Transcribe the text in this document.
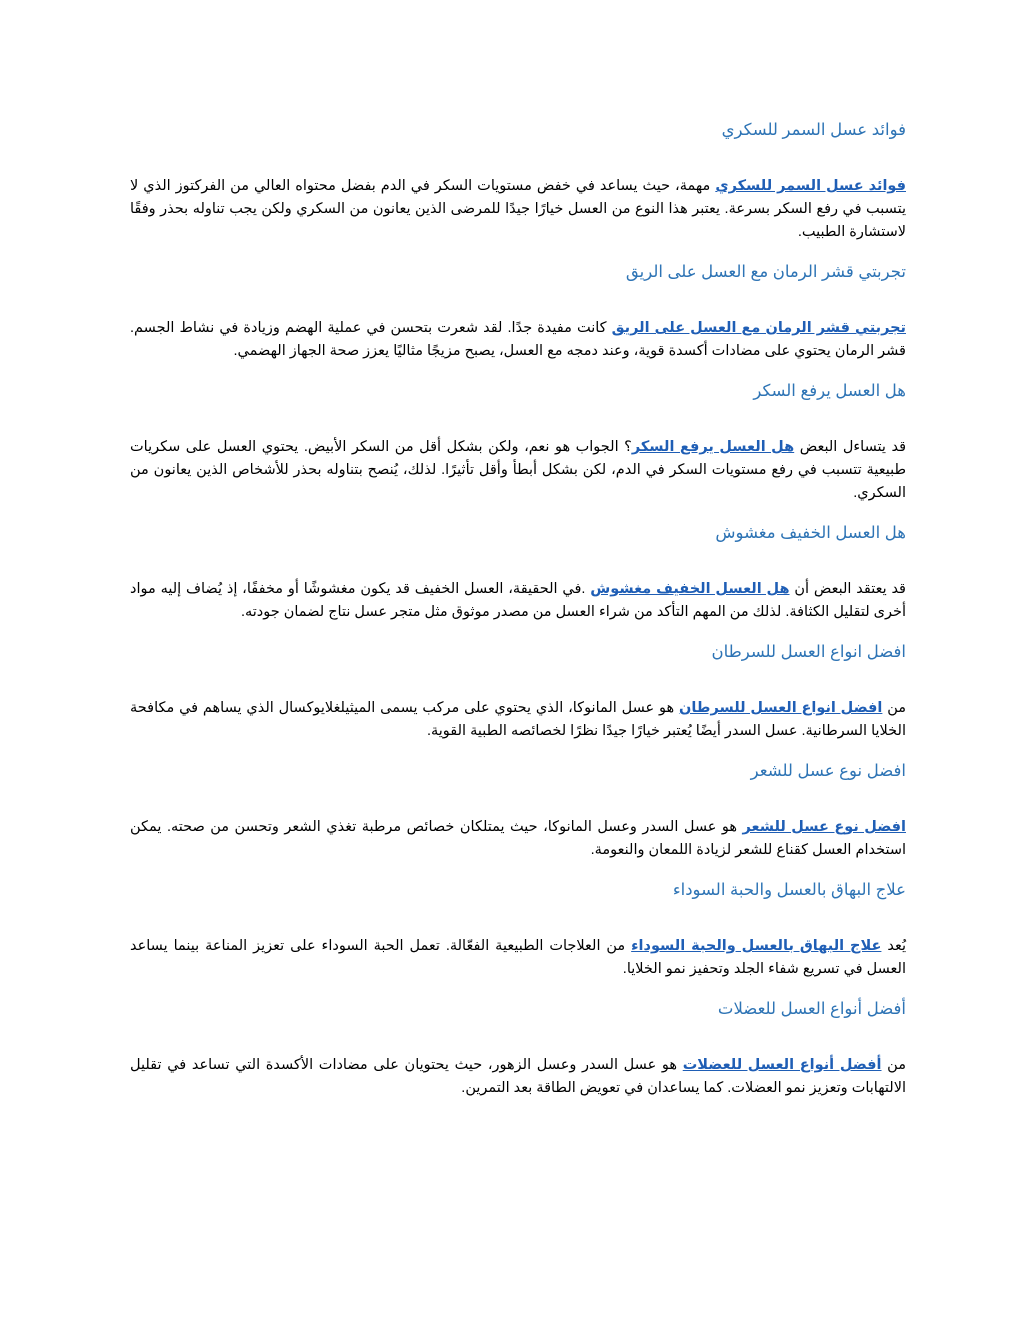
فوائد عسل السمر للسكري

فوائد عسل السمر للسكري مهمة، حيث يساعد في خفض مستويات السكر في الدم بفضل محتواه العالي من الفركتوز الذي لا يتسبب في رفع السكر بسرعة. يعتبر هذا النوع من العسل خيارًا جيدًا للمرضى الذين يعانون من السكري ولكن يجب تناوله بحذر وفقًا لاستشارة الطبيب.

تجربتي قشر الرمان مع العسل على الريق

تجربتي قشر الرمان مع العسل على الريق كانت مفيدة جدًا. لقد شعرت بتحسن في عملية الهضم وزيادة في نشاط الجسم. قشر الرمان يحتوي على مضادات أكسدة قوية، وعند دمجه مع العسل، يصبح مزيجًا مثاليًا يعزز صحة الجهاز الهضمي.

هل العسل يرفع السكر

قد يتساءل البعض هل العسل يرفع السكر؟ الجواب هو نعم، ولكن بشكل أقل من السكر الأبيض. يحتوي العسل على سكريات طبيعية تتسبب في رفع مستويات السكر في الدم، لكن بشكل أبطأ وأقل تأثيرًا. لذلك، يُنصح بتناوله بحذر للأشخاص الذين يعانون من السكري.

هل العسل الخفيف مغشوش

قد يعتقد البعض أن هل العسل الخفيف مغشوش .في الحقيقة، العسل الخفيف قد يكون مغشوشًا أو مخففًا، إذ يُضاف إليه مواد أخرى لتقليل الكثافة. لذلك من المهم التأكد من شراء العسل من مصدر موثوق مثل متجر عسل نتاج لضمان جودته.

افضل انواع العسل للسرطان

من افضل انواع العسل للسرطان هو عسل المانوكا، الذي يحتوي على مركب يسمى الميثيلغلايوكسال الذي يساهم في مكافحة الخلايا السرطانية. عسل السدر أيضًا يُعتبر خيارًا جيدًا نظرًا لخصائصه الطبية القوية.

افضل نوع عسل للشعر

افضل نوع عسل للشعر هو عسل السدر وعسل المانوكا، حيث يمتلكان خصائص مرطبة تغذي الشعر وتحسن من صحته. يمكن استخدام العسل كقناع للشعر لزيادة اللمعان والنعومة.

علاج البهاق بالعسل والحبة السوداء

يُعد علاج البهاق بالعسل والحبة السوداء من العلاجات الطبيعية الفعّالة. تعمل الحبة السوداء على تعزيز المناعة بينما يساعد العسل في تسريع شفاء الجلد وتحفيز نمو الخلايا.

أفضل أنواع العسل للعضلات

من أفضل أنواع العسل للعضلات هو عسل السدر وعسل الزهور، حيث يحتويان على مضادات الأكسدة التي تساعد في تقليل الالتهابات وتعزيز نمو العضلات. كما يساعدان في تعويض الطاقة بعد التمرين.
